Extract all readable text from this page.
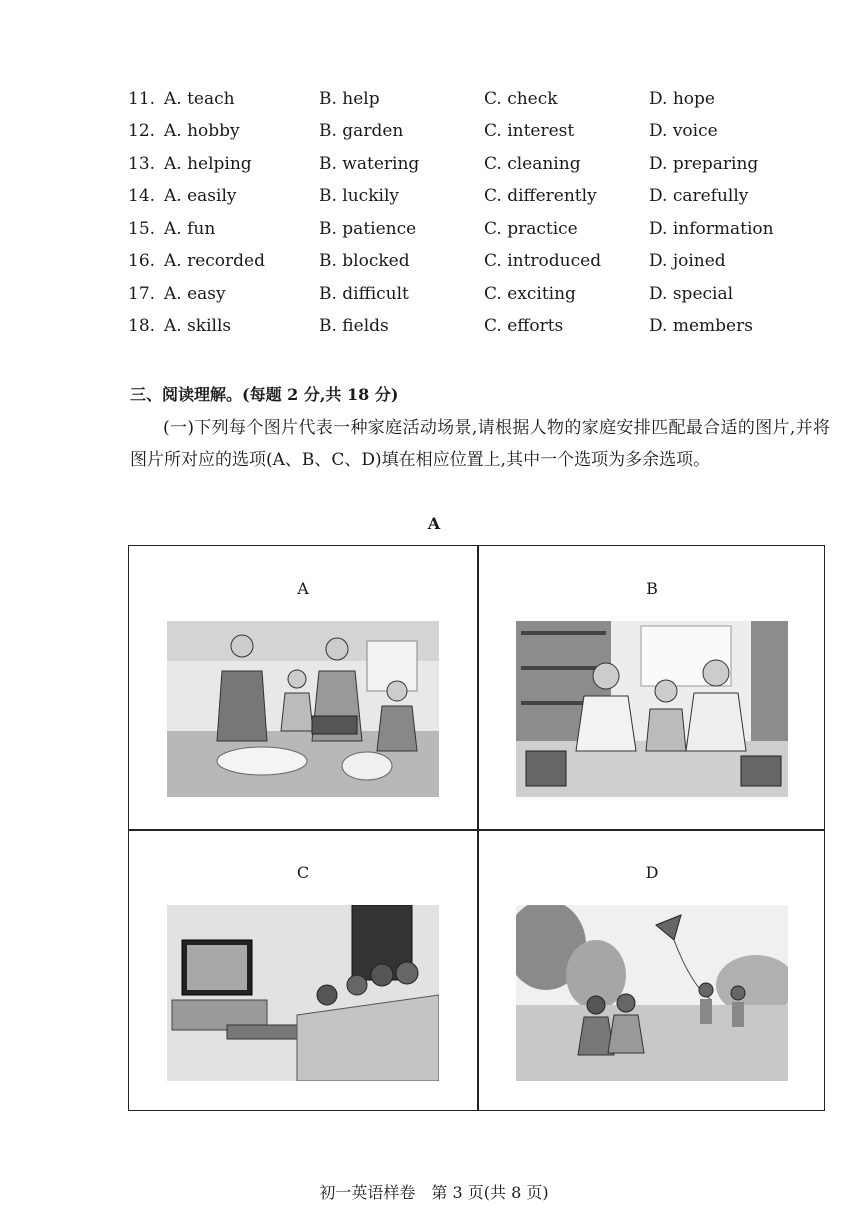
11. A. teach	B. help	C. check	D. hope
12. A. hobby	B. garden	C. interest	D. voice
13. A. helping	B. watering	C. cleaning	D. preparing
14. A. easily	B. luckily	C. differently	D. carefully
15. A. fun	B. patience	C. practice	D. information
16. A. recorded	B. blocked	C. introduced	D. joined
17. A. easy	B. difficult	C. exciting	D. special
18. A. skills	B. fields	C. efforts	D. members
三、阅读理解。(每题 2 分,共 18 分)
(一)下列每个图片代表一种家庭活动场景,请根据人物的家庭安排匹配最合适的图片,并将图片所对应的选项(A、B、C、D)填在相应位置上,其中一个选项为多余选项。
A
A	B
C	D
初一英语样卷　第 3 页(共 8 页)
